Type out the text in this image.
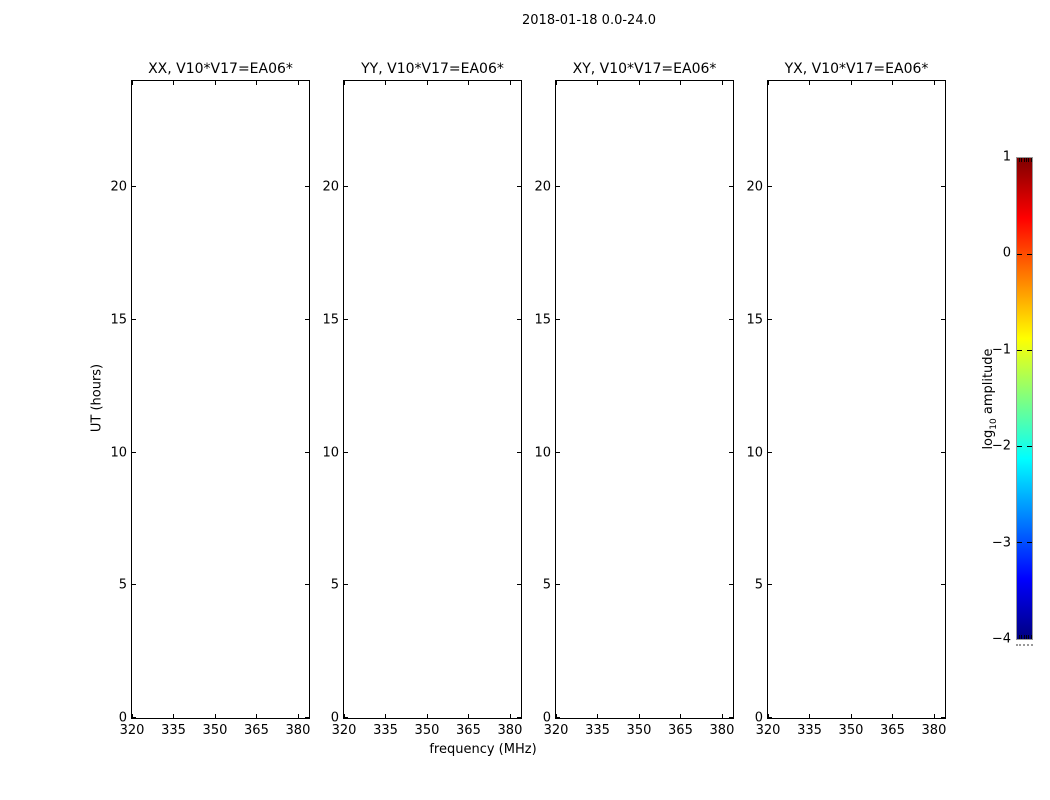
2018-01-18 0.0-24.0
XX, V10*V17=EA06*
320 335 350 365 380
0
5
10
15
20
YY, V10*V17=EA06*
320 335 350 365 380
0
5
10
15
20
XY, V10*V17=EA06*
320 335 350 365 380
0
5
10
15
20
YX, V10*V17=EA06*
320 335 350 365 380
0
5
10
15
20
frequency (MHz)
UT (hours)
1
0
−1
−2
−3
−4
$\log_{10}$ amplitude
